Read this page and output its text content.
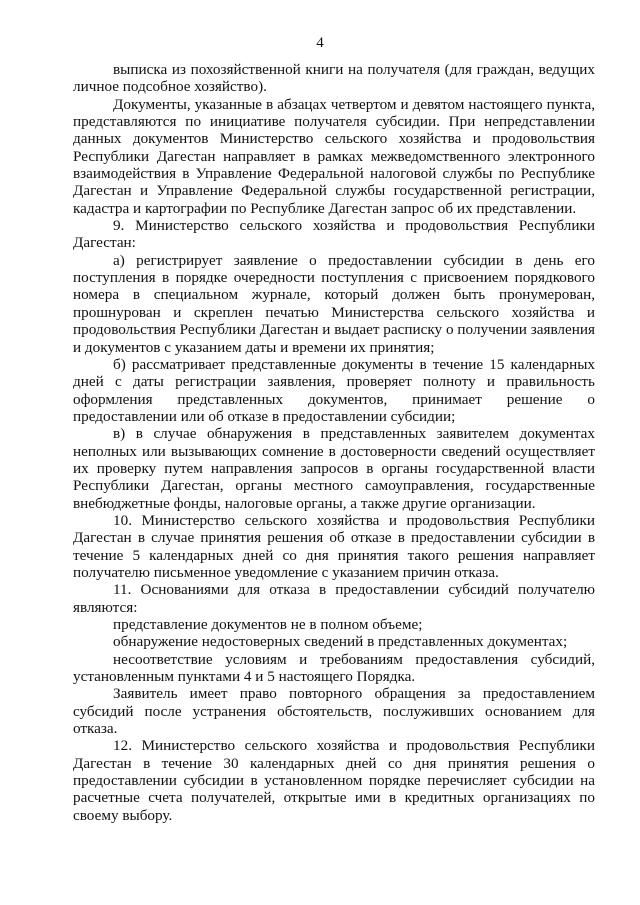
4

выписка из похозяйственной книги на получателя (для граждан, ведущих личное подсобное хозяйство).

Документы, указанные в абзацах четвертом и девятом настоящего пункта, представляются по инициативе получателя субсидии. При непредставлении данных документов Министерство сельского хозяйства и продовольствия Республики Дагестан направляет в рамках межведомственного электронного взаимодействия в Управление Федеральной налоговой службы по Республике Дагестан и Управление Федеральной службы государственной регистрации, кадастра и картографии по Республике Дагестан запрос об их представлении.

9. Министерство сельского хозяйства и продовольствия Республики Дагестан:

а) регистрирует заявление о предоставлении субсидии в день его поступления в порядке очередности поступления с присвоением порядкового номера в специальном журнале, который должен быть пронумерован, прошнурован и скреплен печатью Министерства сельского хозяйства и продовольствия Республики Дагестан и выдает расписку о получении заявления и документов с указанием даты и времени их принятия;

б) рассматривает представленные документы в течение 15 календарных дней с даты регистрации заявления, проверяет полноту и правильность оформления представленных документов, принимает решение о предоставлении или об отказе в предоставлении субсидии;

в) в случае обнаружения в представленных заявителем документах неполных или вызывающих сомнение в достоверности сведений осуществляет их проверку путем направления запросов в органы государственной власти Республики Дагестан, органы местного самоуправления, государственные внебюджетные фонды, налоговые органы, а также другие организации.

10. Министерство сельского хозяйства и продовольствия Республики Дагестан в случае принятия решения об отказе в предоставлении субсидии в течение 5 календарных дней со дня принятия такого решения направляет получателю письменное уведомление с указанием причин отказа.

11. Основаниями для отказа в предоставлении субсидий получателю являются:

представление документов не в полном объеме;

обнаружение недостоверных сведений в представленных документах;

несоответствие условиям и требованиям предоставления субсидий, установленным пунктами 4 и 5 настоящего Порядка.

Заявитель имеет право повторного обращения за предоставлением субсидий после устранения обстоятельств, послуживших основанием для отказа.

12. Министерство сельского хозяйства и продовольствия Республики Дагестан в течение 30 календарных дней со дня принятия решения о предоставлении субсидии в установленном порядке перечисляет субсидии на расчетные счета получателей, открытые ими в кредитных организациях по своему выбору.
